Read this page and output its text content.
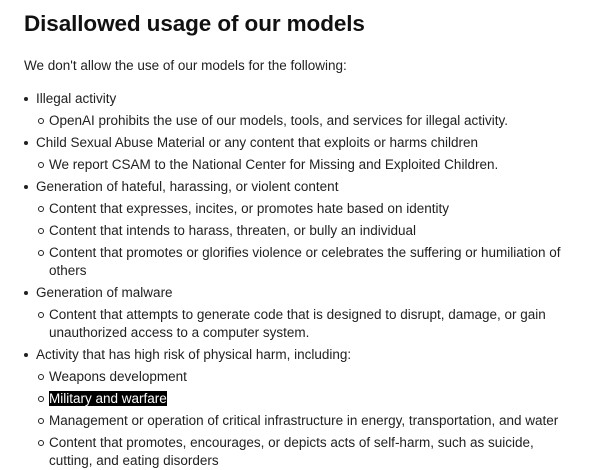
Disallowed usage of our models

We don't allow the use of our models for the following:

Illegal activity
OpenAI prohibits the use of our models, tools, and services for illegal activity.
Child Sexual Abuse Material or any content that exploits or harms children
We report CSAM to the National Center for Missing and Exploited Children.
Generation of hateful, harassing, or violent content
Content that expresses, incites, or promotes hate based on identity
Content that intends to harass, threaten, or bully an individual
Content that promotes or glorifies violence or celebrates the suffering or humiliation of others
Generation of malware
Content that attempts to generate code that is designed to disrupt, damage, or gain unauthorized access to a computer system.
Activity that has high risk of physical harm, including:
Weapons development
Military and warfare
Management or operation of critical infrastructure in energy, transportation, and water
Content that promotes, encourages, or depicts acts of self-harm, such as suicide, cutting, and eating disorders
